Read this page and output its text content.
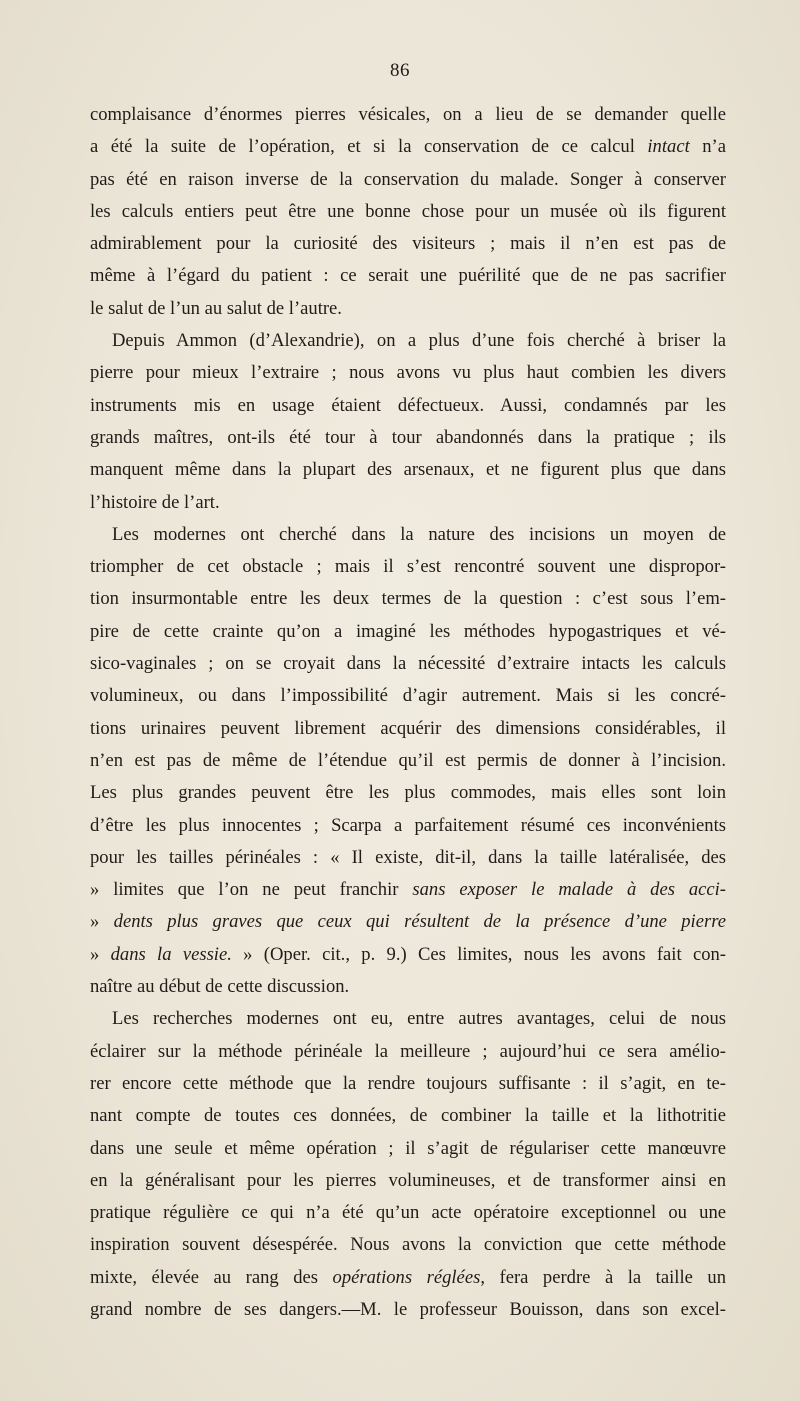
86
complaisance d’énormes pierres vésicales, on a lieu de se demander quelle
a été la suite de l’opération, et si la conservation de ce calcul intact n’a
pas été en raison inverse de la conservation du malade. Songer à conserver
les calculs entiers peut être une bonne chose pour un musée où ils figurent
admirablement pour la curiosité des visiteurs ; mais il n’en est pas de
même à l’égard du patient : ce serait une puérilité que de ne pas sacrifier
le salut de l’un au salut de l’autre.
Depuis Ammon (d’Alexandrie), on a plus d’une fois cherché à briser la
pierre pour mieux l’extraire ; nous avons vu plus haut combien les divers
instruments mis en usage étaient défectueux. Aussi, condamnés par les
grands maîtres, ont-ils été tour à tour abandonnés dans la pratique ; ils
manquent même dans la plupart des arsenaux, et ne figurent plus que dans
l’histoire de l’art.
Les modernes ont cherché dans la nature des incisions un moyen de
triompher de cet obstacle ; mais il s’est rencontré souvent une dispropor-
tion insurmontable entre les deux termes de la question : c’est sous l’em-
pire de cette crainte qu’on a imaginé les méthodes hypogastriques et vé-
sico-vaginales ; on se croyait dans la nécessité d’extraire intacts les calculs
volumineux, ou dans l’impossibilité d’agir autrement. Mais si les concré-
tions urinaires peuvent librement acquérir des dimensions considérables, il
n’en est pas de même de l’étendue qu’il est permis de donner à l’incision.
Les plus grandes peuvent être les plus commodes, mais elles sont loin
d’être les plus innocentes ; Scarpa a parfaitement résumé ces inconvénients
pour les tailles périnéales : « Il existe, dit-il, dans la taille latéralisée, des
» limites que l’on ne peut franchir sans exposer le malade à des acci-
» dents plus graves que ceux qui résultent de la présence d’une pierre
» dans la vessie. » (Oper. cit., p. 9.) Ces limites, nous les avons fait con-
naître au début de cette discussion.
Les recherches modernes ont eu, entre autres avantages, celui de nous
éclairer sur la méthode périnéale la meilleure ; aujourd’hui ce sera amélio-
rer encore cette méthode que la rendre toujours suffisante : il s’agit, en te-
nant compte de toutes ces données, de combiner la taille et la lithotritie
dans une seule et même opération ; il s’agit de régulariser cette manœuvre
en la généralisant pour les pierres volumineuses, et de transformer ainsi en
pratique régulière ce qui n’a été qu’un acte opératoire exceptionnel ou une
inspiration souvent désespérée. Nous avons la conviction que cette méthode
mixte, élevée au rang des opérations réglées, fera perdre à la taille un
grand nombre de ses dangers.—M. le professeur Bouisson, dans son excel-
